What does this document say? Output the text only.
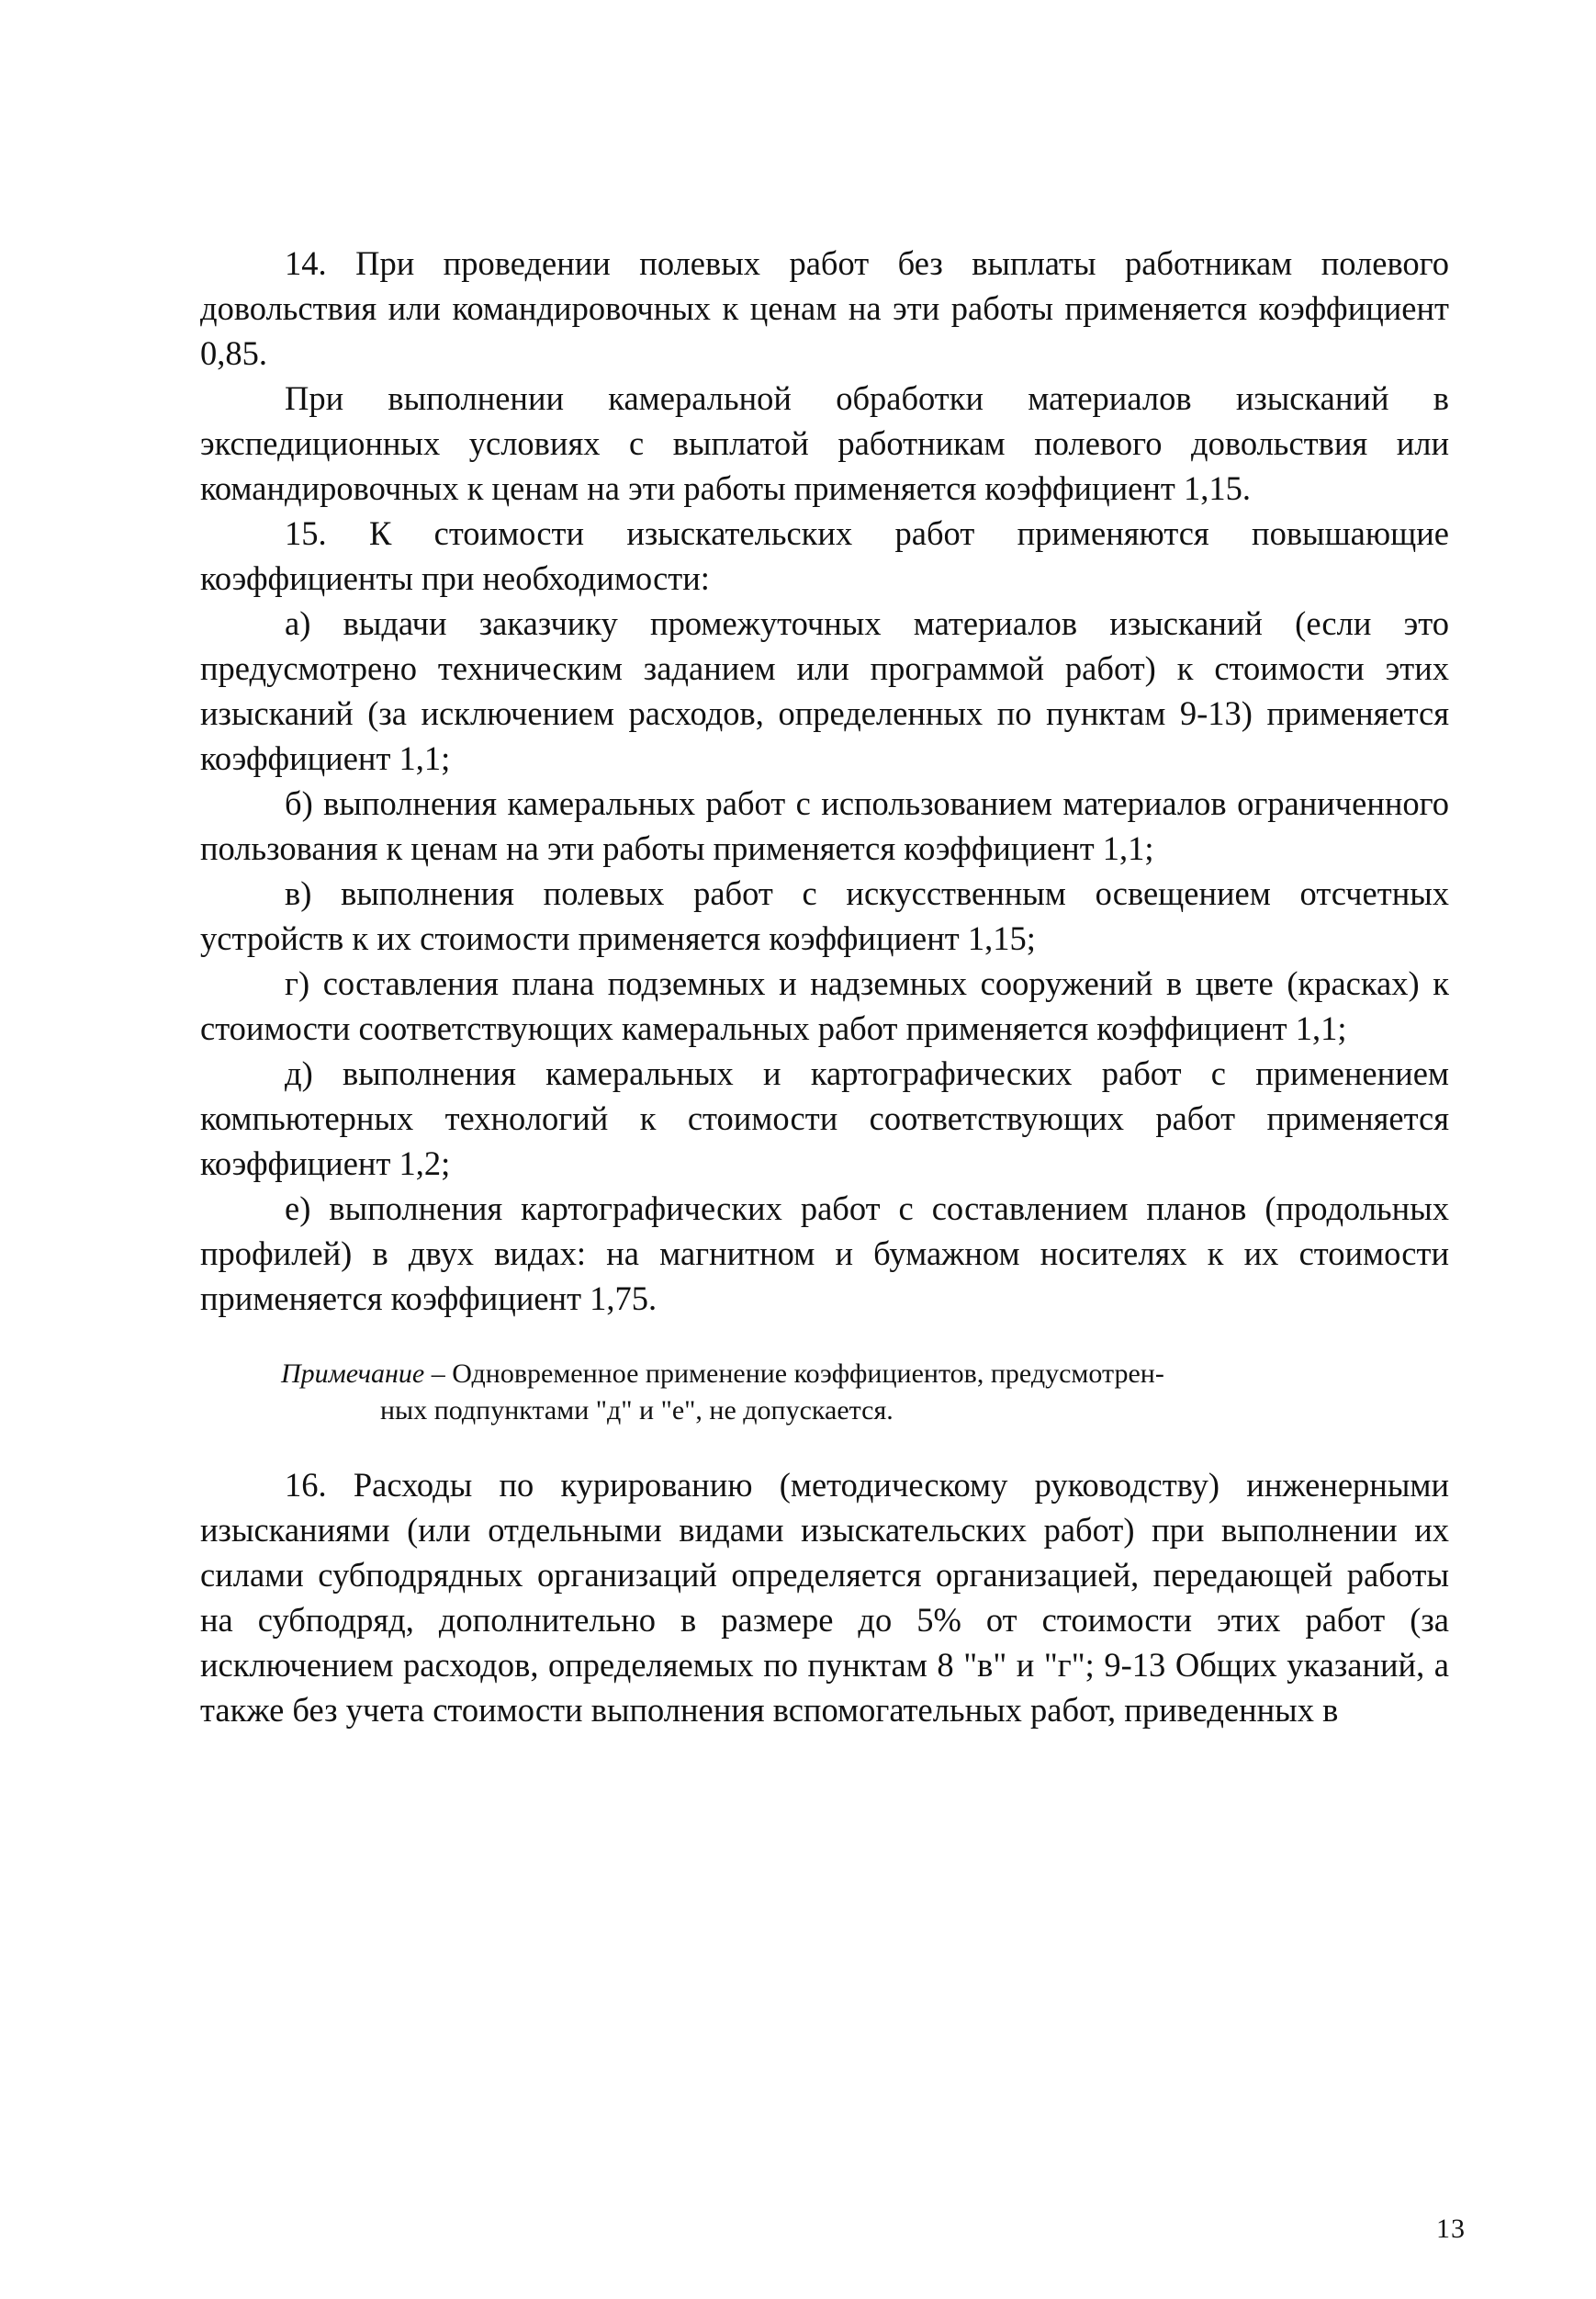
14. При проведении полевых работ без выплаты работникам полевого довольствия или командировочных к ценам на эти работы применяется коэффициент 0,85.

При выполнении камеральной обработки материалов изысканий в экспедиционных условиях с выплатой работникам полевого довольствия или командировочных к ценам на эти работы применяется коэффициент 1,15.

15. К стоимости изыскательских работ применяются повышающие коэффициенты при необходимости:

а) выдачи заказчику промежуточных материалов изысканий (если это предусмотрено техническим заданием или программой работ) к стоимости этих изысканий (за исключением расходов, определенных по пунктам 9-13) применяется коэффициент 1,1;

б) выполнения камеральных работ с использованием материалов ограниченного пользования к ценам на эти работы применяется коэффициент 1,1;

в) выполнения полевых работ с искусственным освещением отсчетных устройств к их стоимости применяется коэффициент 1,15;

г) составления плана подземных и надземных сооружений в цвете (красках) к стоимости соответствующих камеральных работ применяется коэффициент 1,1;

д) выполнения камеральных и картографических работ с применением компьютерных технологий к стоимости соответствующих работ применяется коэффициент 1,2;

е) выполнения картографических работ с составлением планов (продольных профилей) в двух видах: на магнитном и бумажном носителях к их стоимости применяется коэффициент 1,75.

Примечание – Одновременное применение коэффициентов, предусмотрен-
ных подпунктами "д" и "е", не допускается.

16. Расходы по курированию (методическому руководству) инженерными изысканиями (или отдельными видами изыскательских работ) при выполнении их силами субподрядных организаций определяется организацией, передающей работы на субподряд, дополнительно в размере до 5% от стоимости этих работ (за исключением расходов, определяемых по пунктам 8 "в" и "г"; 9-13 Общих указаний, а также без учета стоимости выполнения вспомогательных работ, приведенных в

13
